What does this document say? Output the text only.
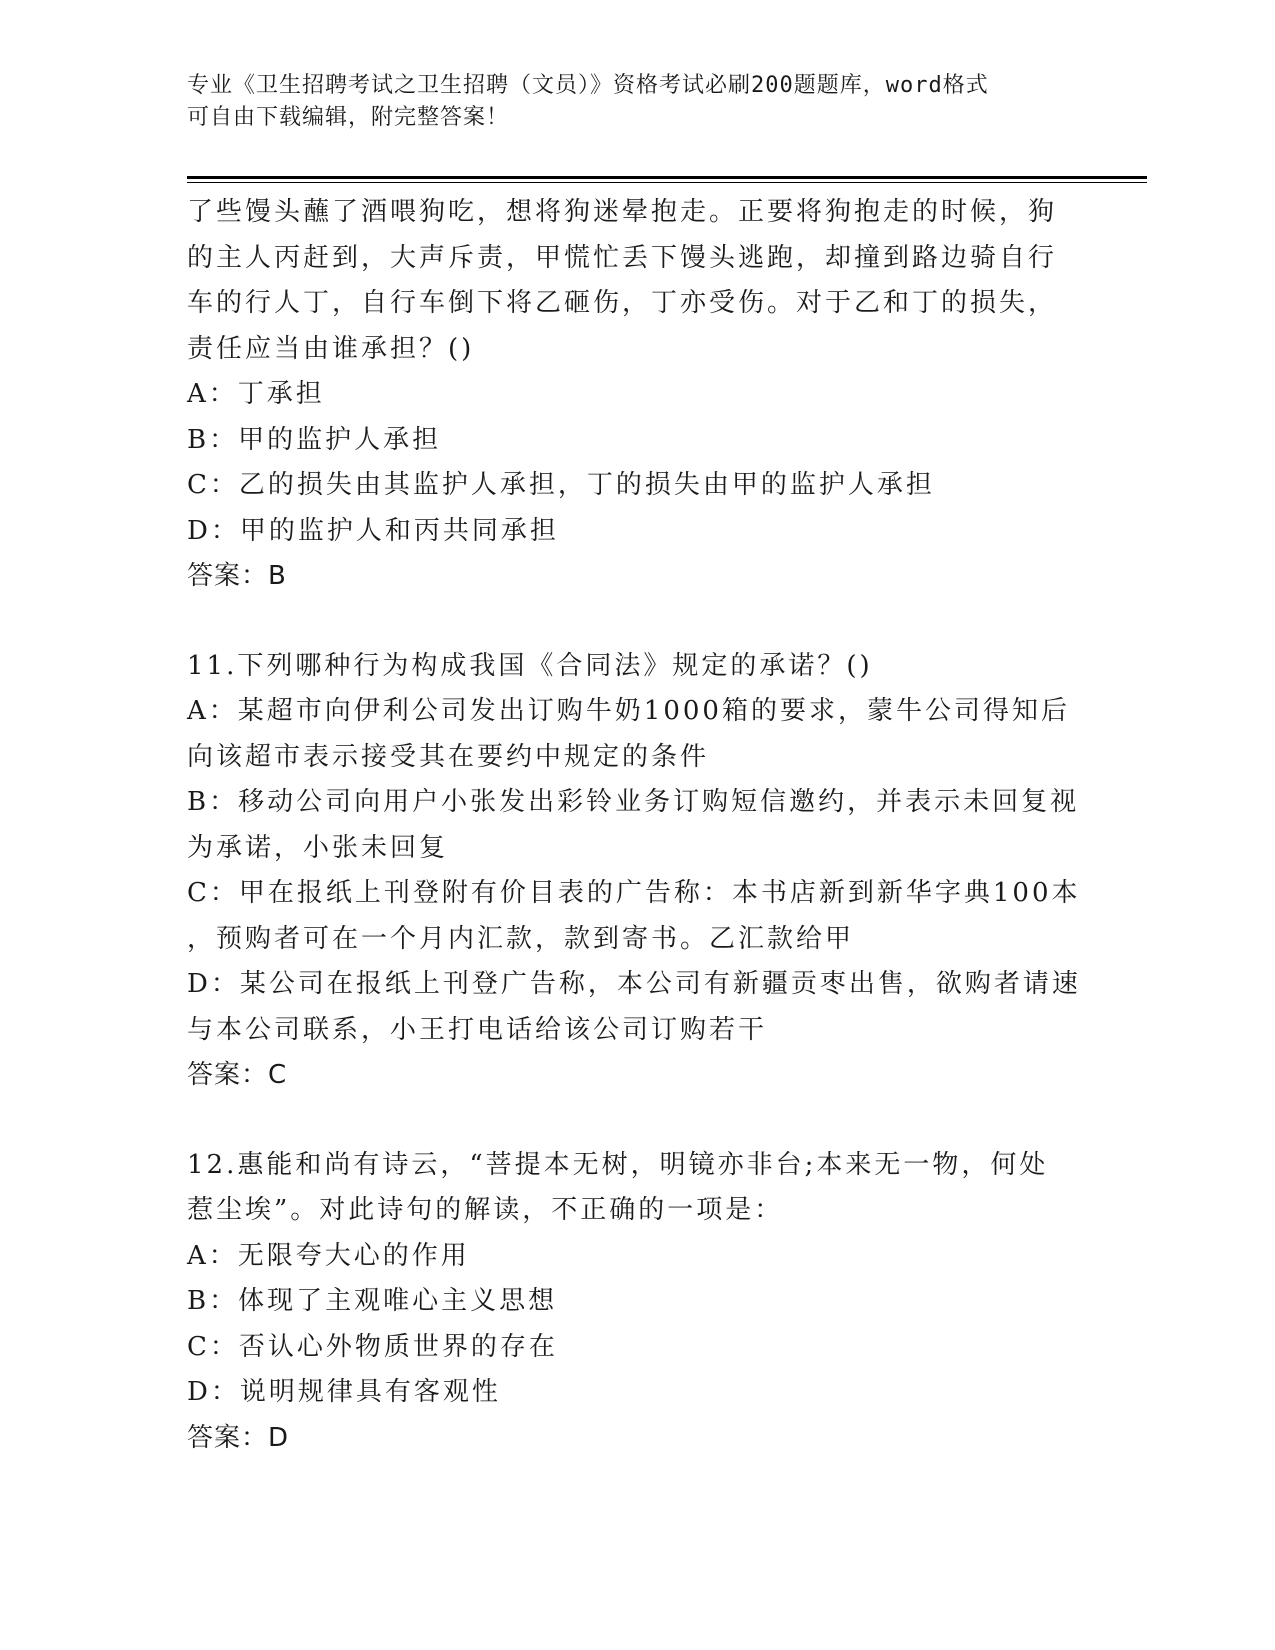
专业《卫生招聘考试之卫生招聘（文员）》资格考试必刷200题题库，word格式
可自由下载编辑，附完整答案！
了些馒头蘸了酒喂狗吃，想将狗迷晕抱走。正要将狗抱走的时候，狗
的主人丙赶到，大声斥责，甲慌忙丢下馒头逃跑，却撞到路边骑自行
车的行人丁，自行车倒下将乙砸伤，丁亦受伤。对于乙和丁的损失，
责任应当由谁承担？()
A：丁承担
B：甲的监护人承担
C：乙的损失由其监护人承担，丁的损失由甲的监护人承担
D：甲的监护人和丙共同承担
答案：B
11.下列哪种行为构成我国《合同法》规定的承诺？()
A：某超市向伊利公司发出订购牛奶1000箱的要求，蒙牛公司得知后
向该超市表示接受其在要约中规定的条件
B：移动公司向用户小张发出彩铃业务订购短信邀约，并表示未回复视
为承诺，小张未回复
C：甲在报纸上刊登附有价目表的广告称：本书店新到新华字典100本
，预购者可在一个月内汇款，款到寄书。乙汇款给甲
D：某公司在报纸上刊登广告称，本公司有新疆贡枣出售，欲购者请速
与本公司联系，小王打电话给该公司订购若干
答案：C
12.惠能和尚有诗云，“菩提本无树，明镜亦非台;本来无一物，何处
惹尘埃”。对此诗句的解读，不正确的一项是：
A：无限夸大心的作用
B：体现了主观唯心主义思想
C：否认心外物质世界的存在
D：说明规律具有客观性
答案：D
